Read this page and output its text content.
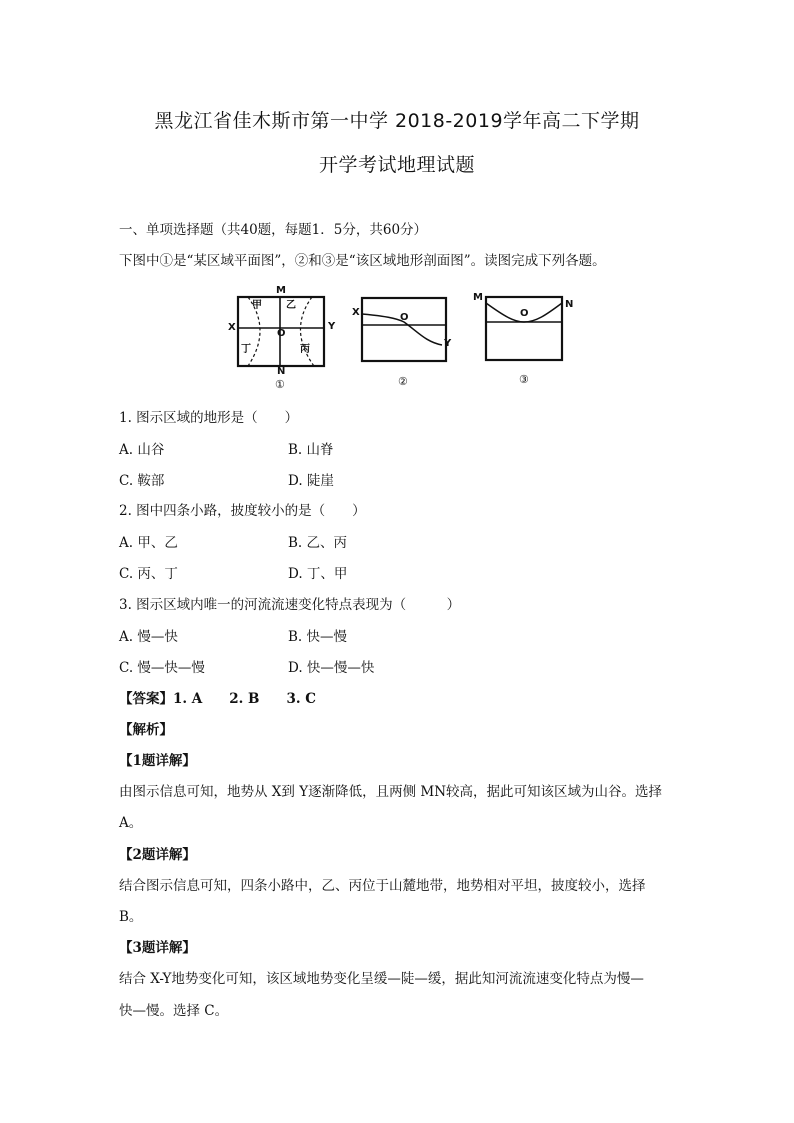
黑龙江省佳木斯市第一中学 2018-2019学年高二下学期
开学考试地理试题
一、单项选择题（共40题，每题1．5分，共60分）
下图中①是“某区域平面图”，②和③是“该区域地形剖面图”。读图完成下列各题。
M
X	Y
N
O
甲 乙
丁	丙
①
X
Y
O
②
M
N
O
③
1. 图示区域的地形是（　　）
A. 山谷	B. 山脊
C. 鞍部	D. 陡崖
2. 图中四条小路，披度较小的是（　　）
A. 甲、乙	B. 乙、丙
C. 丙、丁	D. 丁、甲
3. 图示区域内唯一的河流流速变化特点表现为（　　　）
A. 慢—快	B. 快—慢
C. 慢—快—慢	D. 快—慢—快
【答案】1. A　　2. B　　3. C
【解析】
【1题详解】
由图示信息可知，地势从 X到 Y逐渐降低，且两侧 MN较高，据此可知该区域为山谷。选择
A。
【2题详解】
结合图示信息可知，四条小路中，乙、丙位于山麓地带，地势相对平坦，披度较小，选择
B。
【3题详解】
结合 X-Y地势变化可知，该区域地势变化呈缓—陡—缓，据此知河流流速变化特点为慢—
快—慢。选择 C。
